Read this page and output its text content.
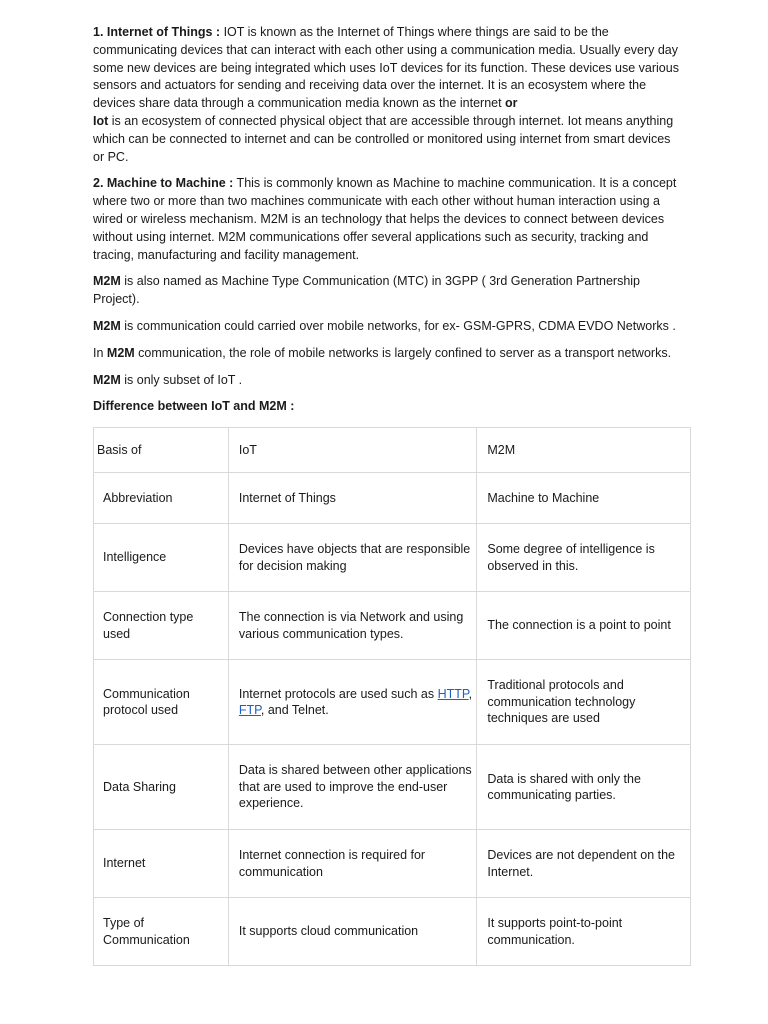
1. Internet of Things : IOT is known as the Internet of Things where things are said to be the communicating devices that can interact with each other using a communication media. Usually every day some new devices are being integrated which uses IoT devices for its function. These devices use various sensors and actuators for sending and receiving data over the internet. It is an ecosystem where the devices share data through a communication media known as the internet or
Iot is an ecosystem of connected physical object that are accessible through internet. Iot means anything which can be connected to internet and can be controlled or monitored using internet from smart devices or PC.

2. Machine to Machine : This is commonly known as Machine to machine communication. It is a concept where two or more than two machines communicate with each other without human interaction using a wired or wireless mechanism. M2M is an technology that helps the devices to connect between devices without using internet. M2M communications offer several applications such as security, tracking and tracing, manufacturing and facility management.

M2M is also named as Machine Type Communication (MTC) in 3GPP ( 3rd Generation Partnership Project).

M2M is communication could carried over mobile networks, for ex- GSM-GPRS, CDMA EVDO Networks .

In M2M communication, the role of mobile networks is largely confined to server as a transport networks.

M2M is only subset of IoT .

Difference between IoT and M2M :

Basis of	IoT	M2M
Abbreviation	Internet of Things	Machine to Machine
Intelligence	Devices have objects that are responsible for decision making	Some degree of intelligence is observed in this.
Connection type used	The connection is via Network and using various communication types.	The connection is a point to point
Communication protocol used	Internet protocols are used such as HTTP, FTP, and Telnet.	Traditional protocols and communication technology techniques are used
Data Sharing	Data is shared between other applications that are used to improve the end-user experience.	Data is shared with only the communicating parties.
Internet	Internet connection is required for communication	Devices are not dependent on the Internet.
Type of Communication	It supports cloud communication	It supports point-to-point communication.
